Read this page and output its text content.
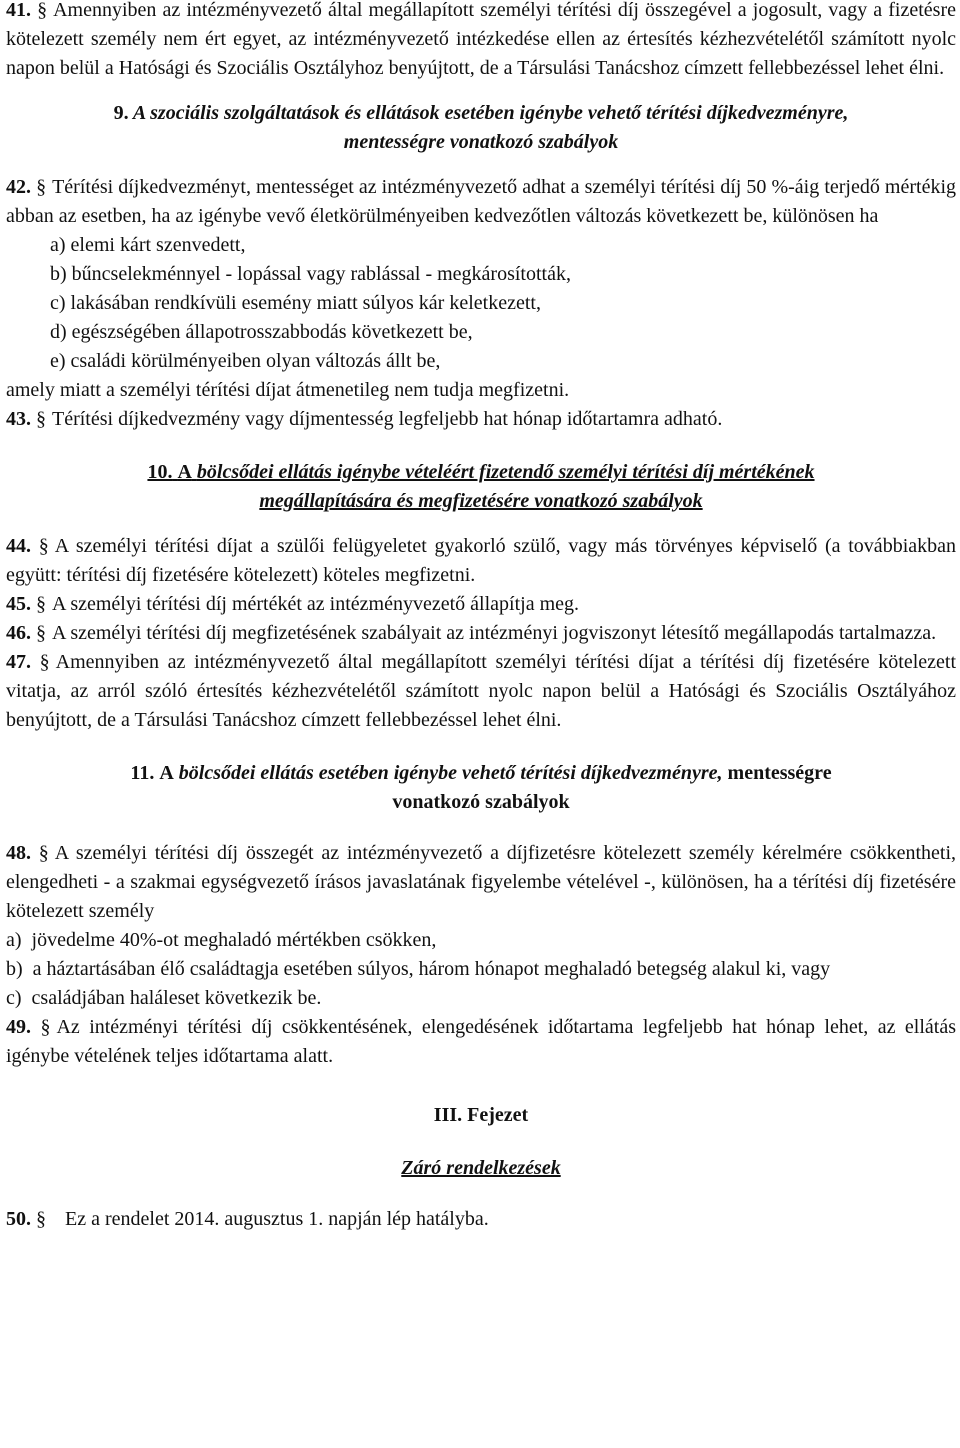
41. § Amennyiben az intézményvezető által megállapított személyi térítési díj összegével a jogosult, vagy a fizetésre kötelezett személy nem ért egyet, az intézményvezető intézkedése ellen az értesítés kézhezvételétől számított nyolc napon belül a Hatósági és Szociális Osztályhoz benyújtott, de a Társulási Tanácshoz címzett fellebbezéssel lehet élni.

9. A szociális szolgáltatások és ellátások esetében igénybe vehető térítési díjkedvezményre,
mentességre vonatkozó szabályok

42. § Térítési díjkedvezményt, mentességet az intézményvezető adhat a személyi térítési díj 50 %-áig terjedő mértékig abban az esetben, ha az igénybe vevő életkörülményeiben kedvezőtlen változás következett be, különösen ha

a) elemi kárt szenvedett,
b) bűncselekménnyel - lopással vagy rablással - megkárosították,
c) lakásában rendkívüli esemény miatt súlyos kár keletkezett,
d) egészségében állapotrosszabbodás következett be,
e) családi körülményeiben olyan változás állt be,

amely miatt a személyi térítési díjat átmenetileg nem tudja megfizetni.

43. § Térítési díjkedvezmény vagy díjmentesség legfeljebb hat hónap időtartamra adható.

10. A bölcsődei ellátás igénybe vételéért fizetendő személyi térítési díj mértékének
megállapítására és megfizetésére vonatkozó szabályok

44. § A személyi térítési díjat a szülői felügyeletet gyakorló szülő, vagy más törvényes képviselő (a továbbiakban együtt: térítési díj fizetésére kötelezett) köteles megfizetni.

45. § A személyi térítési díj mértékét az intézményvezető állapítja meg.

46. § A személyi térítési díj megfizetésének szabályait az intézményi jogviszonyt létesítő megállapodás tartalmazza.

47. § Amennyiben az intézményvezető által megállapított személyi térítési díjat a térítési díj fizetésére kötelezett vitatja, az arról szóló értesítés kézhezvételétől számított nyolc napon belül a Hatósági és Szociális Osztályához benyújtott, de a Társulási Tanácshoz címzett fellebbezéssel lehet élni.

11. A bölcsődei ellátás esetében igénybe vehető térítési díjkedvezményre, mentességre
vonatkozó szabályok

48. § A személyi térítési díj összegét az intézményvezető a díjfizetésre kötelezett személy kérelmére csökkentheti, elengedheti - a szakmai egységvezető írásos javaslatának figyelembe vételével -, különösen, ha a térítési díj fizetésére kötelezett személy

a) jövedelme 40%-ot meghaladó mértékben csökken,
b) a háztartásában élő családtagja esetében súlyos, három hónapot meghaladó betegség alakul ki, vagy
c) családjában haláleset következik be.

49. § Az intézményi térítési díj csökkentésének, elengedésének időtartama legfeljebb hat hónap lehet, az ellátás igénybe vételének teljes időtartama alatt.

III. Fejezet
Záró rendelkezések

50. § Ez a rendelet 2014. augusztus 1. napján lép hatályba.
